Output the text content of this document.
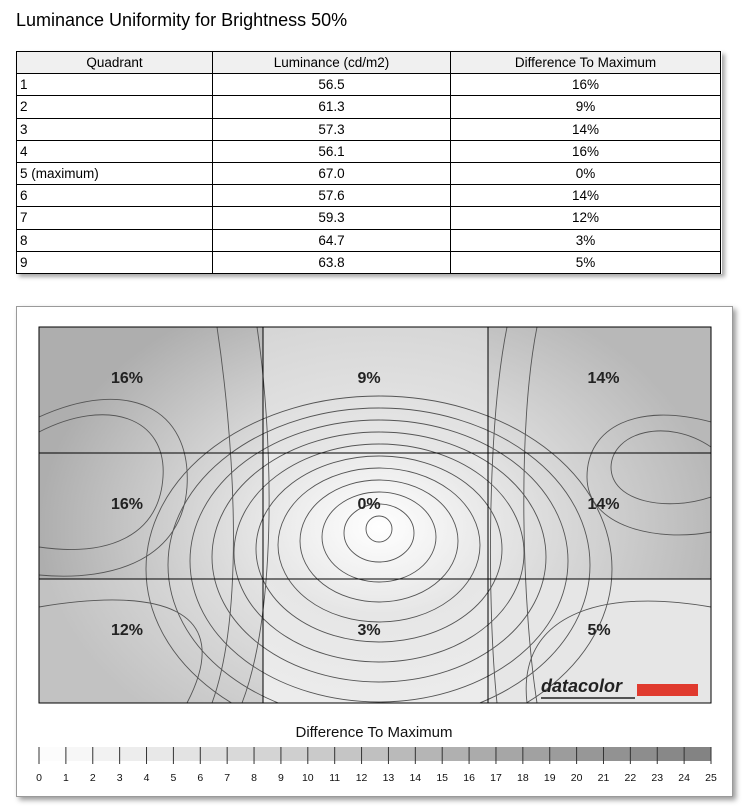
Luminance Uniformity for Brightness 50%
Quadrant	Luminance (cd/m2)	Difference To Maximum
1	56.5	16%
2	61.3	9%
3	57.3	14%
4	56.1	16%
5 (maximum)	67.0	0%
6	57.6	14%
7	59.3	12%
8	64.7	3%
9	63.8	5%
16%	9%	14%
16%	0%	14%
12%	3%	5%
datacolor
Difference To Maximum
0 1 2 3 4 5 6 7 8 9 10 11 12 13 14 15 16 17 18 19 20 21 22 23 24 25
